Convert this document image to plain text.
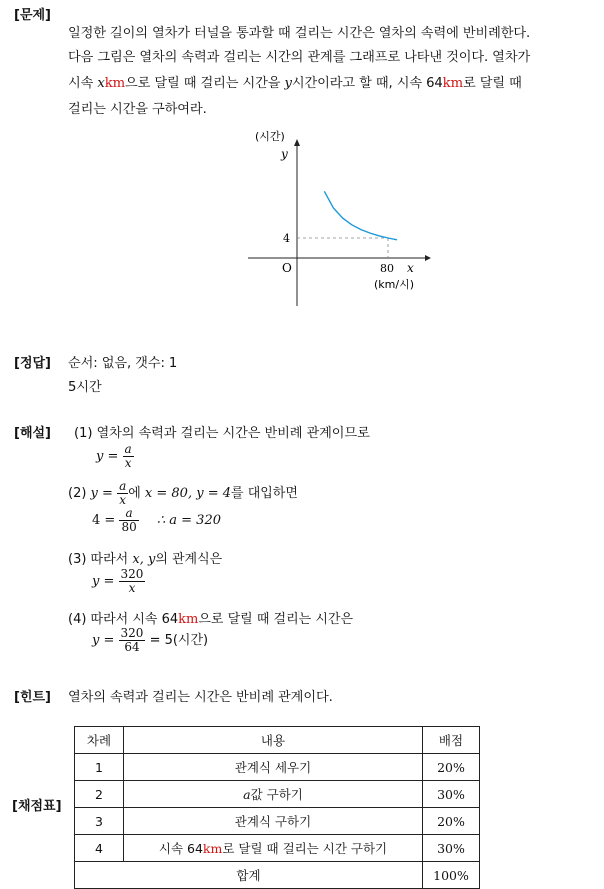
[문제]
일정한 길이의 열차가 터널을 통과할 때 걸리는 시간은 열차의 속력에 반비례한다.
다음 그림은 열차의 속력과 걸리는 시간의 관계를 그래프로 나타낸 것이다. 열차가
시속 xkm으로 달릴 때 걸리는 시간을 y시간이라고 할 때, 시속 64km로 달릴 때
걸리는 시간을 구하여라.
(시간)
y
4
O	80 x
(km/시)
[정답] 순서: 없음, 갯수: 1
5시간
[해설] (1) 열차의 속력과 걸리는 시간은 반비례 관계이므로
$y = \frac{a}{x}$
(2) $y = \frac{a}{x}$ 에 x = 80, y = 4를 대입하면
$4 = \frac{a}{80}$ ∴ a = 320
(3) 따라서 x, y의 관계식은
$y = \frac{320}{x}$
(4) 따라서 시속 64km으로 달릴 때 걸리는 시간은
$y = \frac{320}{64} = 5$(시간)
[힌트] 열차의 속력과 걸리는 시간은 반비례 관계이다.
[채점표]
차례	내용	배점
1	관계식 세우기	20%
2	a값 구하기	30%
3	관계식 구하기	20%
4	시속 64km로 달릴 때 걸리는 시간 구하기	30%
합계		100%
